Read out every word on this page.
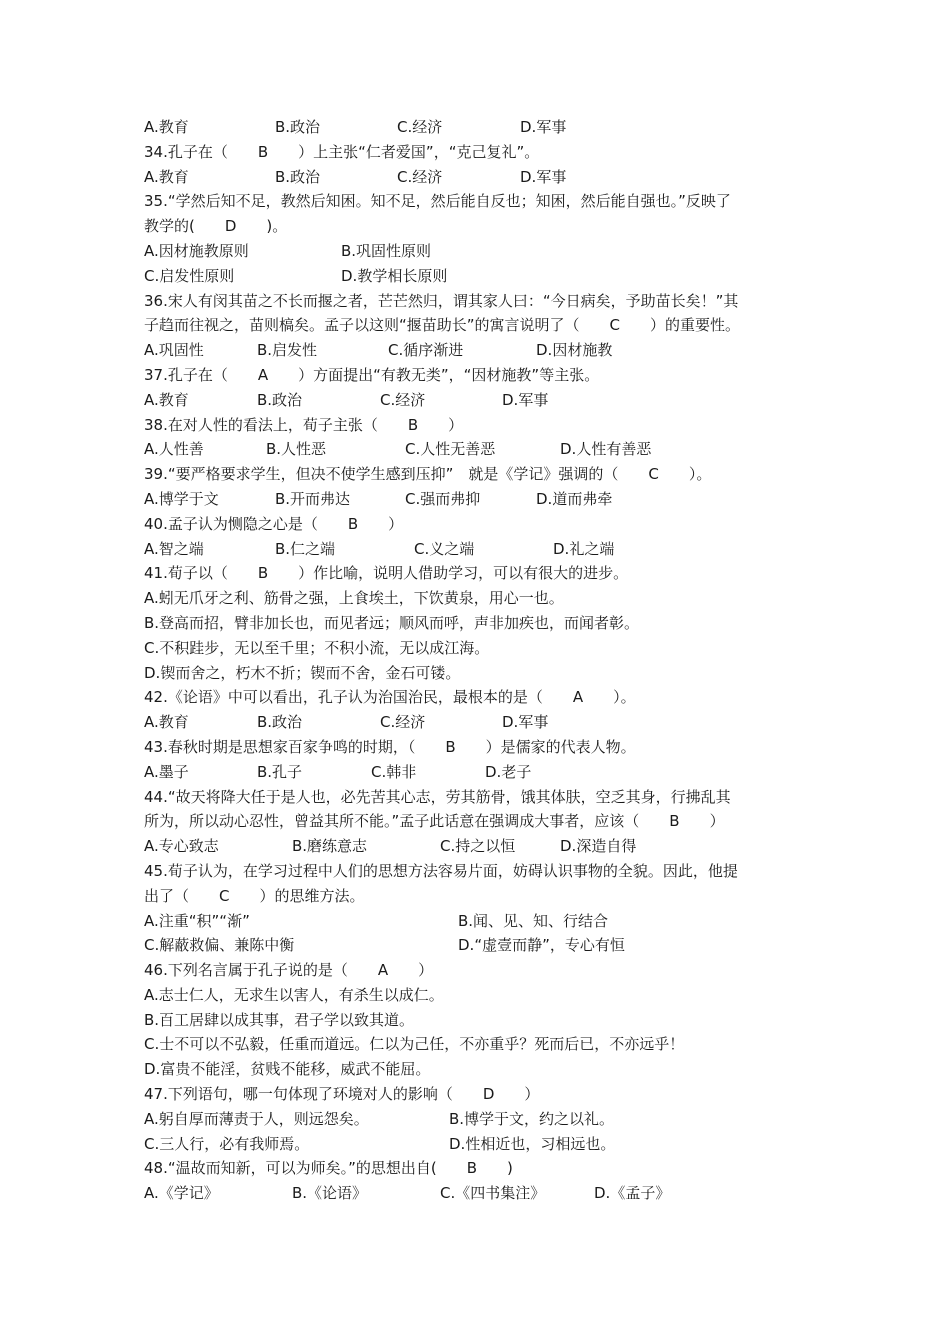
A.教育	B.政治	C.经济	D.军事
34.孔子在（　　B　　）上主张“仁者爱国”，“克己复礼”。
A.教育	B.政治	C.经济	D.军事
35.“学然后知不足，教然后知困。知不足，然后能自反也；知困，然后能自强也。”反映了
教学的(　　D　　)。
A.因材施教原则	B.巩固性原则
C.启发性原则	D.教学相长原则
36.宋人有闵其苗之不长而揠之者，芒芒然归，谓其家人曰：“今日病矣，予助苗长矣！”其
子趋而往视之，苗则槁矣。孟子以这则“揠苗助长”的寓言说明了（　　C　　）的重要性。
A.巩固性	B.启发性	C.循序渐进	D.因材施教
37.孔子在（　　A　　）方面提出“有教无类”，“因材施教”等主张。
A.教育	B.政治	C.经济	D.军事
38.在对人性的看法上，荀子主张（　　B　　）
A.人性善	B.人性恶	C.人性无善恶	D.人性有善恶
39.“要严格要求学生，但决不使学生感到压抑”　就是《学记》强调的（　　C　　）。
A.博学于文	B.开而弗达	C.强而弗抑	D.道而弗牵
40.孟子认为恻隐之心是（　　B　　）
A.智之端	B.仁之端	C.义之端	D.礼之端
41.荀子以（　　B　　）作比喻，说明人借助学习，可以有很大的进步。
A.蚓无爪牙之利、筋骨之强，上食埃土，下饮黄泉，用心一也。
B.登高而招，臂非加长也，而见者远；顺风而呼，声非加疾也，而闻者彰。
C.不积跬步，无以至千里；不积小流，无以成江海。
D.锲而舍之，朽木不折；锲而不舍，金石可镂。
42.《论语》中可以看出，孔子认为治国治民，最根本的是（　　A　　）。
A.教育	B.政治	C.经济	D.军事
43.春秋时期是思想家百家争鸣的时期，（　　B　　）是儒家的代表人物。
A.墨子	B.孔子	C.韩非	D.老子
44.“故天将降大任于是人也，必先苦其心志，劳其筋骨，饿其体肤，空乏其身，行拂乱其
所为，所以动心忍性，曾益其所不能。”孟子此话意在强调成大事者，应该（　　B　　）
A.专心致志	B.磨练意志	C.持之以恒	D.深造自得
45.荀子认为，在学习过程中人们的思想方法容易片面，妨碍认识事物的全貌。因此，他提
出了（　　C　　）的思维方法。
A.注重“积”“渐”	B.闻、见、知、行结合
C.解蔽救偏、兼陈中衡	D.“虚壹而静”，专心有恒
46.下列名言属于孔子说的是（　　A　　）
A.志士仁人，无求生以害人，有杀生以成仁。
B.百工居肆以成其事，君子学以致其道。
C.士不可以不弘毅，任重而道远。仁以为己任，不亦重乎？死而后已，不亦远乎！
D.富贵不能淫，贫贱不能移，威武不能屈。
47.下列语句，哪一句体现了环境对人的影响（　　D　　）
A.躬自厚而薄责于人，则远怨矣。	B.博学于文，约之以礼。
C.三人行，必有我师焉。	D.性相近也，习相远也。
48.“温故而知新，可以为师矣。”的思想出自(　　B　　)
A.《学记》	B.《论语》	C.《四书集注》	D.《孟子》
